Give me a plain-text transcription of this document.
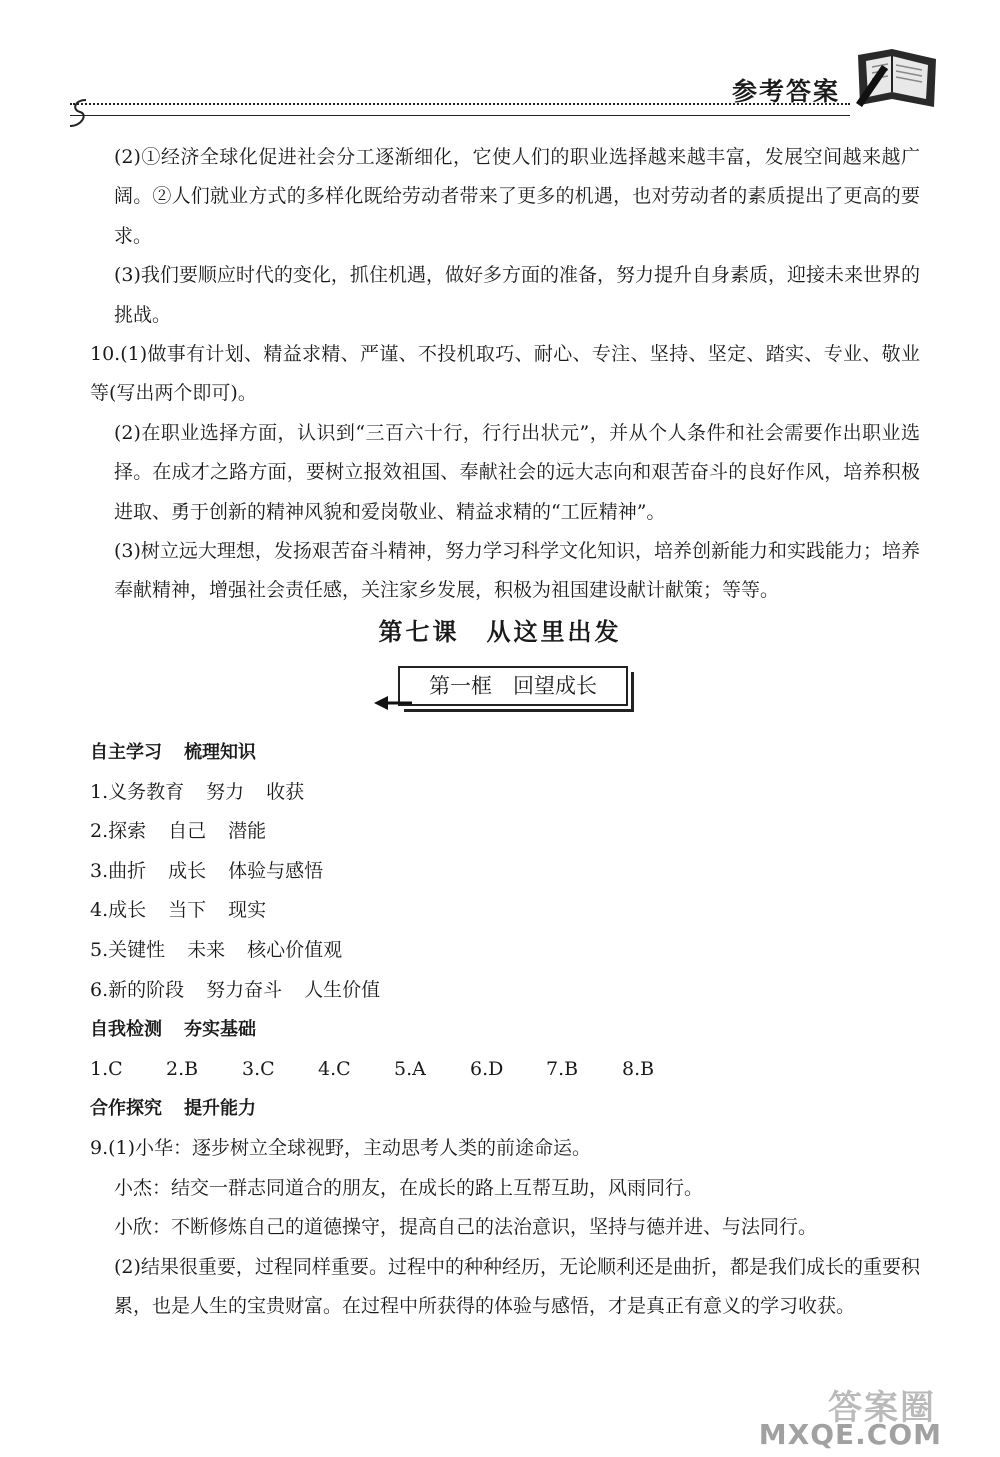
参考答案

(2)①经济全球化促进社会分工逐渐细化，它使人们的职业选择越来越丰富，发展空间越来越广阔。②人们就业方式的多样化既给劳动者带来了更多的机遇，也对劳动者的素质提出了更高的要求。

(3)我们要顺应时代的变化，抓住机遇，做好多方面的准备，努力提升自身素质，迎接未来世界的挑战。

10.(1)做事有计划、精益求精、严谨、不投机取巧、耐心、专注、坚持、坚定、踏实、专业、敬业等(写出两个即可)。

(2)在职业选择方面，认识到“三百六十行，行行出状元”，并从个人条件和社会需要作出职业选择。在成才之路方面，要树立报效祖国、奉献社会的远大志向和艰苦奋斗的良好作风，培养积极进取、勇于创新的精神风貌和爱岗敬业、精益求精的“工匠精神”。

(3)树立远大理想，发扬艰苦奋斗精神，努力学习科学文化知识，培养创新能力和实践能力；培养奉献精神，增强社会责任感，关注家乡发展，积极为祖国建设献计献策；等等。

第七课　从这里出发
第一框　回望成长
自主学习 梳理知识
1.义务教育 努力 收获
2.探索 自己 潜能
3.曲折 成长 体验与感悟
4.成长 当下 现实
5.关键性 未来 核心价值观
6.新的阶段 努力奋斗 人生价值
自我检测 夯实基础
1.C 2.B 3.C 4.C 5.A 6.D 7.B 8.B
合作探究 提升能力

9.(1)小华：逐步树立全球视野，主动思考人类的前途命运。

小杰：结交一群志同道合的朋友，在成长的路上互帮互助，风雨同行。

小欣：不断修炼自己的道德操守，提高自己的法治意识，坚持与德并进、与法同行。

(2)结果很重要，过程同样重要。过程中的种种经历，无论顺利还是曲折，都是我们成长的重要积累，也是人生的宝贵财富。在过程中所获得的体验与感悟，才是真正有意义的学习收获。

答案圈
MXQE.COM
